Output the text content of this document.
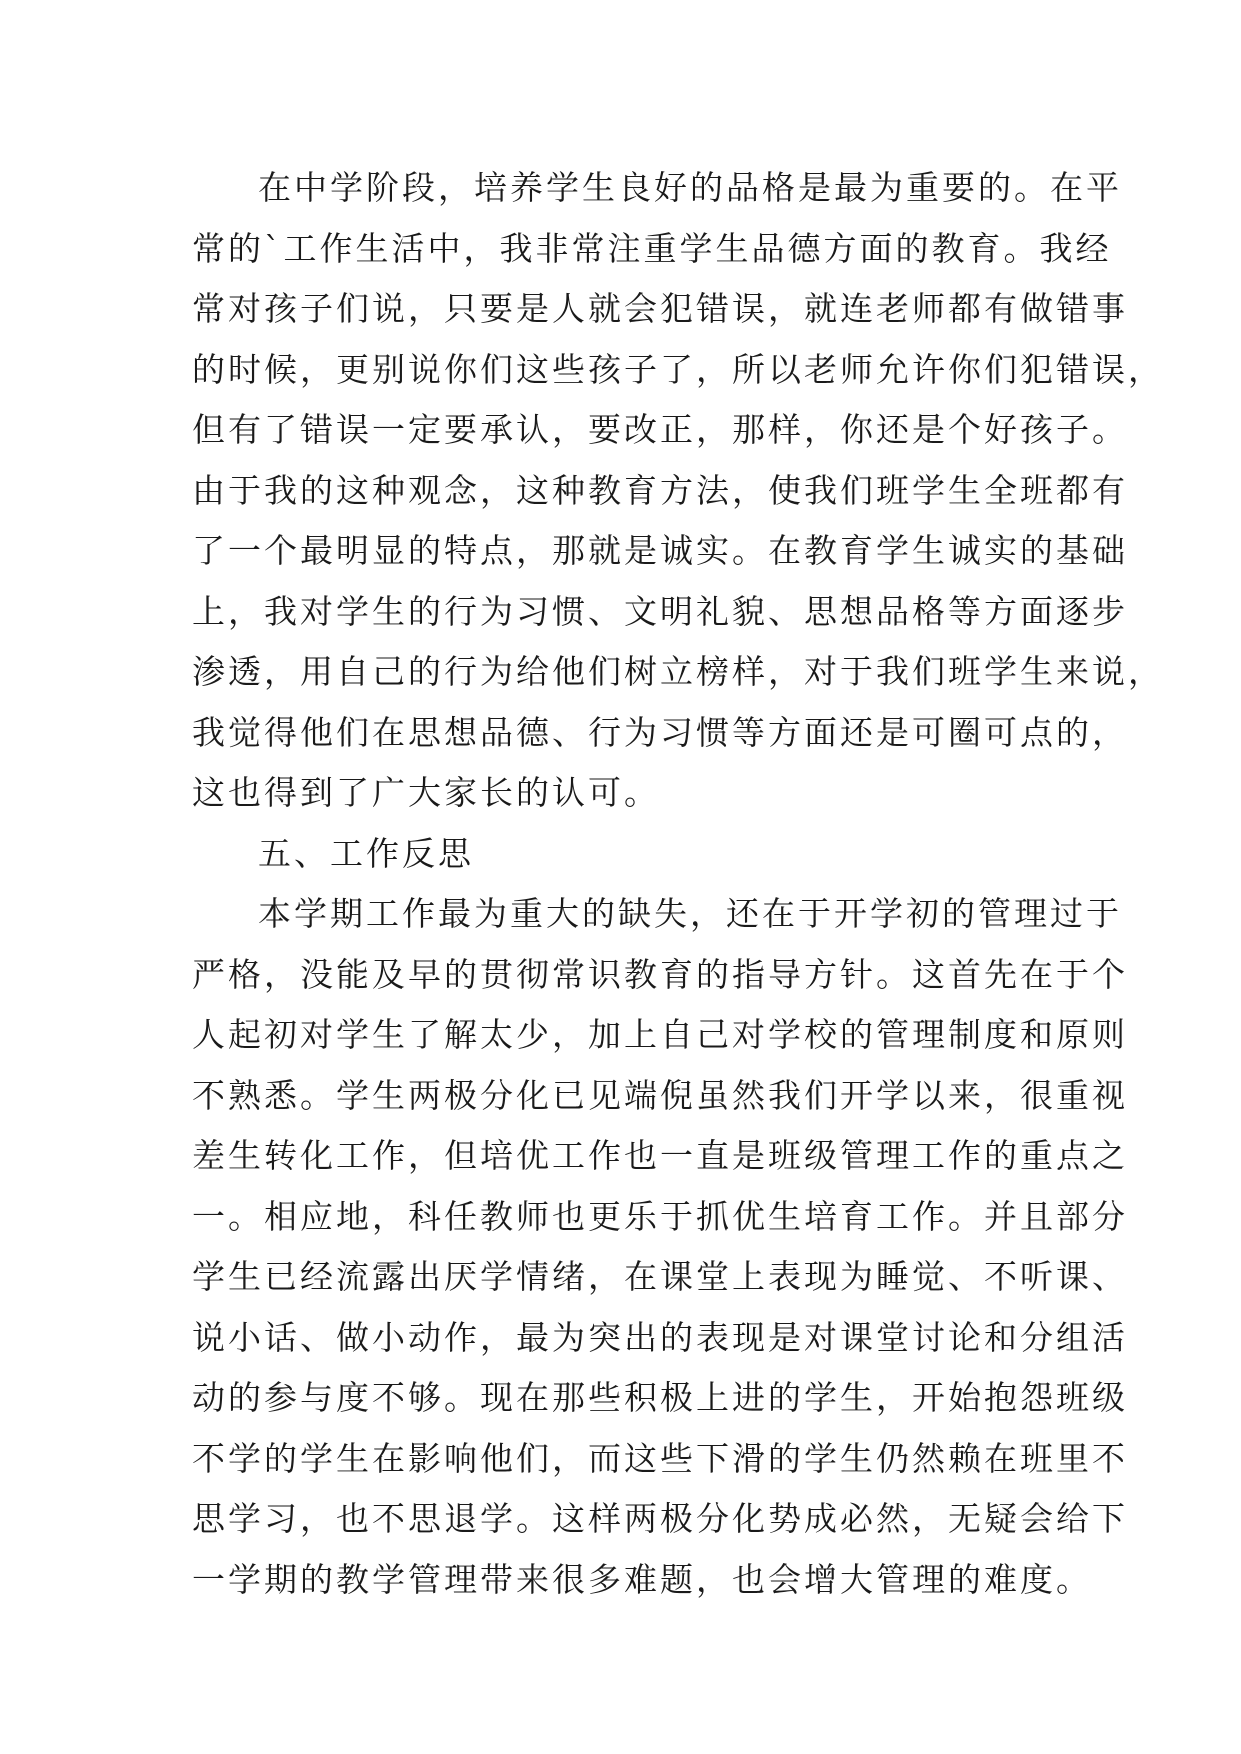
在中学阶段，培养学生良好的品格是最为重要的。在平
常的`工作生活中，我非常注重学生品德方面的教育。我经
常对孩子们说，只要是人就会犯错误，就连老师都有做错事
的时候，更别说你们这些孩子了，所以老师允许你们犯错误，
但有了错误一定要承认，要改正，那样，你还是个好孩子。
由于我的这种观念，这种教育方法，使我们班学生全班都有
了一个最明显的特点，那就是诚实。在教育学生诚实的基础
上，我对学生的行为习惯、文明礼貌、思想品格等方面逐步
渗透，用自己的行为给他们树立榜样，对于我们班学生来说，
我觉得他们在思想品德、行为习惯等方面还是可圈可点的，
这也得到了广大家长的认可。
五、工作反思
本学期工作最为重大的缺失，还在于开学初的管理过于
严格，没能及早的贯彻常识教育的指导方针。这首先在于个
人起初对学生了解太少，加上自己对学校的管理制度和原则
不熟悉。学生两极分化已见端倪虽然我们开学以来，很重视
差生转化工作，但培优工作也一直是班级管理工作的重点之
一。相应地，科任教师也更乐于抓优生培育工作。并且部分
学生已经流露出厌学情绪，在课堂上表现为睡觉、不听课、
说小话、做小动作，最为突出的表现是对课堂讨论和分组活
动的参与度不够。现在那些积极上进的学生，开始抱怨班级
不学的学生在影响他们，而这些下滑的学生仍然赖在班里不
思学习，也不思退学。这样两极分化势成必然，无疑会给下
一学期的教学管理带来很多难题，也会增大管理的难度。
